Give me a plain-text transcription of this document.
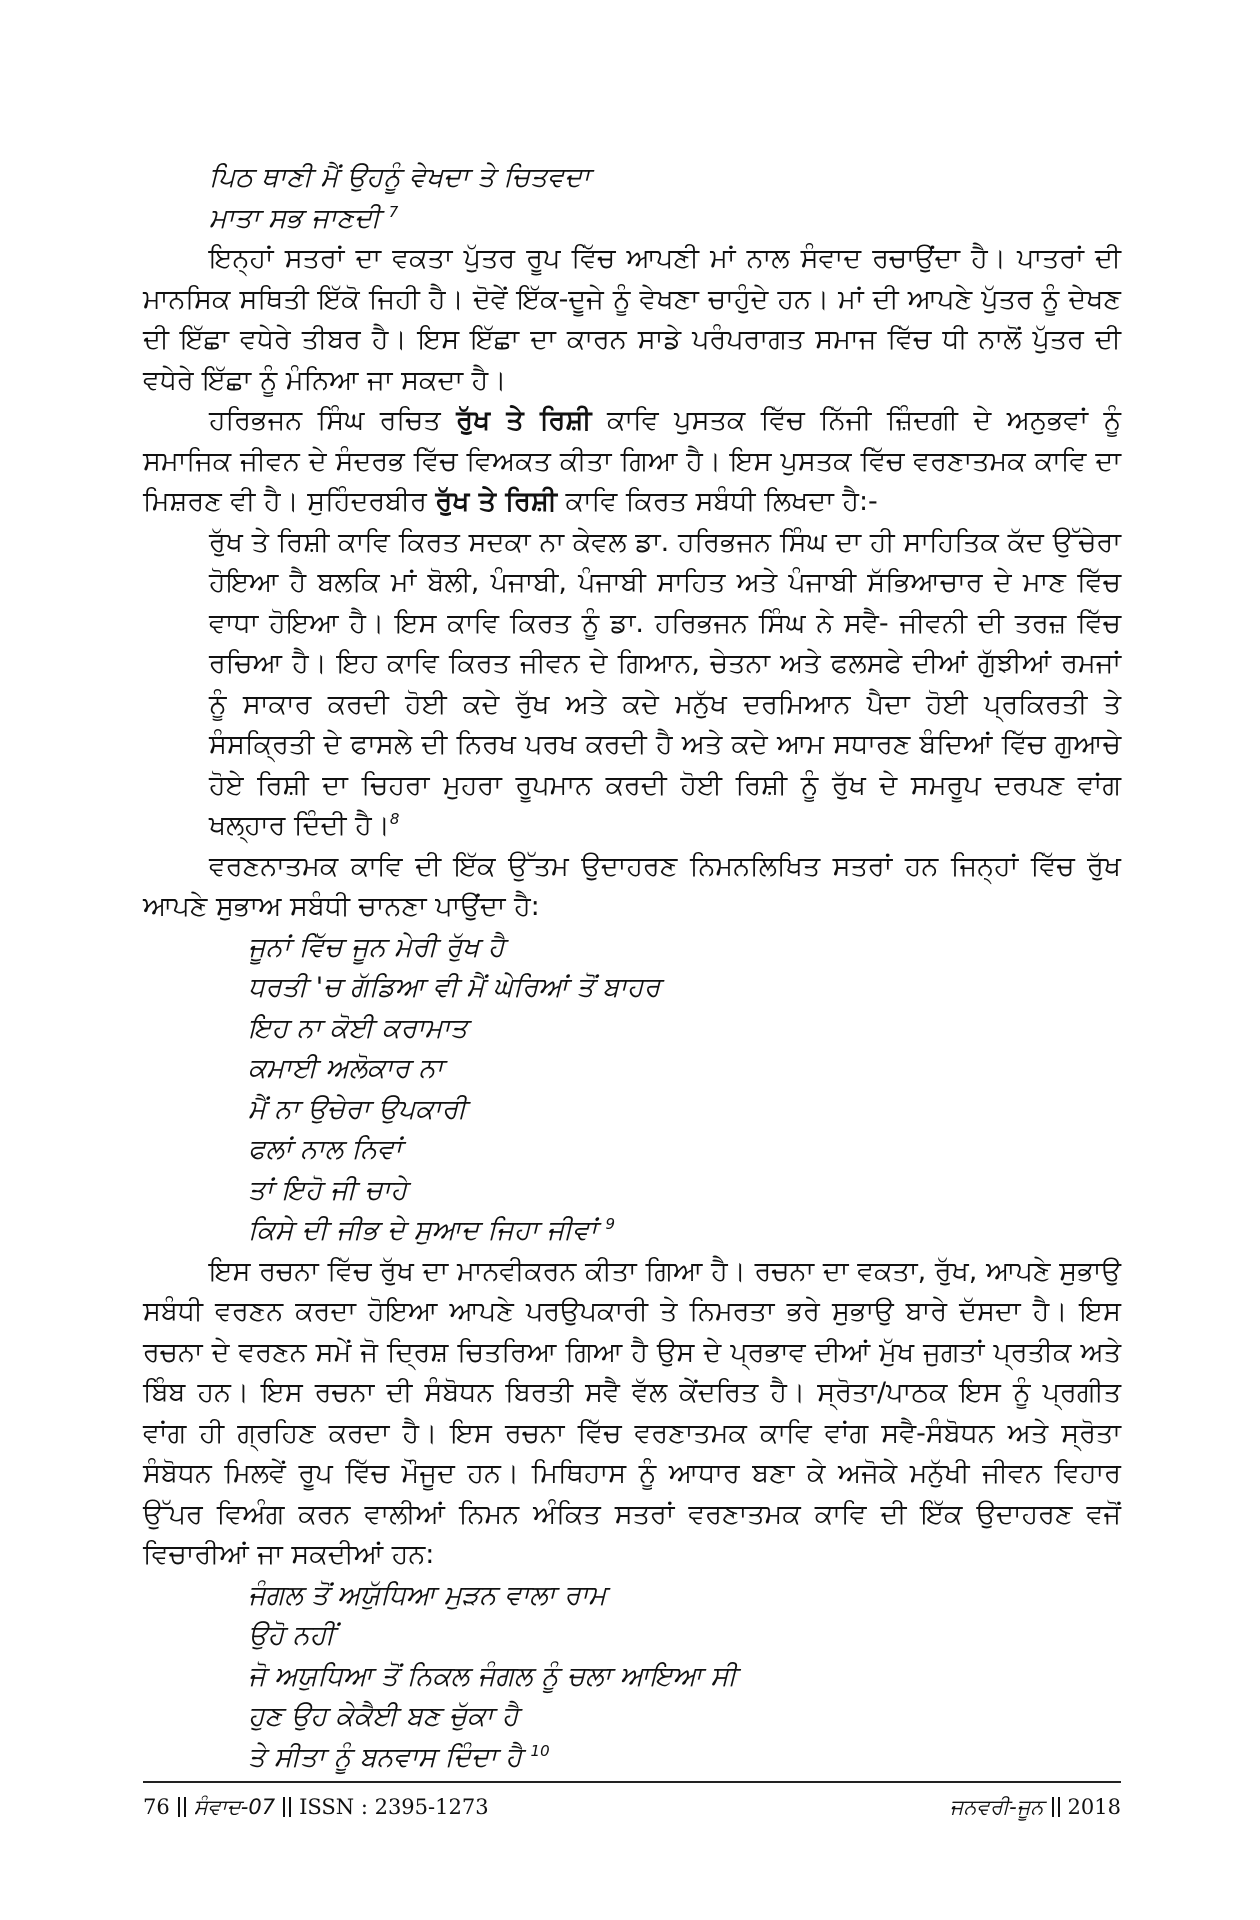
ਪਿਠ ਥਾਣੀ ਮੈਂ ਉਹਨੂੰ ਵੇਖਦਾ ਤੇ ਚਿਤਵਦਾ
ਮਾਤਾ ਸਭ ਜਾਣਦੀ $^7$

ਇਨ੍ਹਾਂ ਸਤਰਾਂ ਦਾ ਵਕਤਾ ਪੁੱਤਰ ਰੂਪ ਵਿੱਚ ਆਪਣੀ ਮਾਂ ਨਾਲ ਸੰਵਾਦ ਰਚਾਉਂਦਾ ਹੈ। ਪਾਤਰਾਂ ਦੀ ਮਾਨਸਿਕ ਸਥਿਤੀ ਇੱਕੋ ਜਿਹੀ ਹੈ। ਦੋਵੇਂ ਇੱਕ-ਦੂਜੇ ਨੂੰ ਵੇਖਣਾ ਚਾਹੁੰਦੇ ਹਨ। ਮਾਂ ਦੀ ਆਪਣੇ ਪੁੱਤਰ ਨੂੰ ਦੇਖਣ ਦੀ ਇੱਛਾ ਵਧੇਰੇ ਤੀਬਰ ਹੈ। ਇਸ ਇੱਛਾ ਦਾ ਕਾਰਨ ਸਾਡੇ ਪਰੰਪਰਾਗਤ ਸਮਾਜ ਵਿੱਚ ਧੀ ਨਾਲੋਂ ਪੁੱਤਰ ਦੀ ਵਧੇਰੇ ਇੱਛਾ ਨੂੰ ਮੰਨਿਆ ਜਾ ਸਕਦਾ ਹੈ।

ਹਰਿਭਜਨ ਸਿੰਘ ਰਚਿਤ ਰੁੱਖ ਤੇ ਰਿਸ਼ੀ ਕਾਵਿ ਪੁਸਤਕ ਵਿੱਚ ਨਿੱਜੀ ਜ਼ਿੰਦਗੀ ਦੇ ਅਨੁਭਵਾਂ ਨੂੰ ਸਮਾਜਿਕ ਜੀਵਨ ਦੇ ਸੰਦਰਭ ਵਿੱਚ ਵਿਅਕਤ ਕੀਤਾ ਗਿਆ ਹੈ। ਇਸ ਪੁਸਤਕ ਵਿੱਚ ਵਰਣਾਤਮਕ ਕਾਵਿ ਦਾ ਮਿਸ਼ਰਣ ਵੀ ਹੈ। ਸੁਹਿੰਦਰਬੀਰ ਰੁੱਖ ਤੇ ਰਿਸ਼ੀ ਕਾਵਿ ਕਿਰਤ ਸਬੰਧੀ ਲਿਖਦਾ ਹੈ:-

ਰੁੱਖ ਤੇ ਰਿਸ਼ੀ ਕਾਵਿ ਕਿਰਤ ਸਦਕਾ ਨਾ ਕੇਵਲ ਡਾ. ਹਰਿਭਜਨ ਸਿੰਘ ਦਾ ਹੀ ਸਾਹਿਤਿਕ ਕੱਦ ਉੱਚੇਰਾ ਹੋਇਆ ਹੈ ਬਲਕਿ ਮਾਂ ਬੋਲੀ, ਪੰਜਾਬੀ, ਪੰਜਾਬੀ ਸਾਹਿਤ ਅਤੇ ਪੰਜਾਬੀ ਸੱਭਿਆਚਾਰ ਦੇ ਮਾਣ ਵਿੱਚ ਵਾਧਾ ਹੋਇਆ ਹੈ। ਇਸ ਕਾਵਿ ਕਿਰਤ ਨੂੰ ਡਾ. ਹਰਿਭਜਨ ਸਿੰਘ ਨੇ ਸਵੈ- ਜੀਵਨੀ ਦੀ ਤਰਜ਼ ਵਿੱਚ ਰਚਿਆ ਹੈ। ਇਹ ਕਾਵਿ ਕਿਰਤ ਜੀਵਨ ਦੇ ਗਿਆਨ, ਚੇਤਨਾ ਅਤੇ ਫਲਸਫੇ ਦੀਆਂ ਗੁੱਝੀਆਂ ਰਮਜਾਂ ਨੂੰ ਸਾਕਾਰ ਕਰਦੀ ਹੋਈ ਕਦੇ ਰੁੱਖ ਅਤੇ ਕਦੇ ਮਨੁੱਖ ਦਰਮਿਆਨ ਪੈਦਾ ਹੋਈ ਪ੍ਰਕਿਰਤੀ ਤੇ ਸੰਸਕ੍ਰਿਤੀ ਦੇ ਫਾਸਲੇ ਦੀ ਨਿਰਖ ਪਰਖ ਕਰਦੀ ਹੈ ਅਤੇ ਕਦੇ ਆਮ ਸਧਾਰਣ ਬੰਦਿਆਂ ਵਿੱਚ ਗੁਆਚੇ ਹੋਏ ਰਿਸ਼ੀ ਦਾ ਚਿਹਰਾ ਮੁਹਰਾ ਰੂਪਮਾਨ ਕਰਦੀ ਹੋਈ ਰਿਸ਼ੀ ਨੂੰ ਰੁੱਖ ਦੇ ਸਮਰੂਪ ਦਰਪਣ ਵਾਂਗ ਖਲ੍ਹਾਰ ਦਿੰਦੀ ਹੈ।$^8$

ਵਰਣਨਾਤਮਕ ਕਾਵਿ ਦੀ ਇੱਕ ਉੱਤਮ ਉਦਾਹਰਣ ਨਿਮਨਲਿਖਿਤ ਸਤਰਾਂ ਹਨ ਜਿਨ੍ਹਾਂ ਵਿੱਚ ਰੁੱਖ ਆਪਣੇ ਸੁਭਾਅ ਸਬੰਧੀ ਚਾਨਣਾ ਪਾਉਂਦਾ ਹੈ:

ਜੂਨਾਂ ਵਿੱਚ ਜੂਨ ਮੇਰੀ ਰੁੱਖ ਹੈ
ਧਰਤੀ 'ਚ ਗੱਡਿਆ ਵੀ ਮੈਂ ਘੇਰਿਆਂ ਤੋਂ ਬਾਹਰ
ਇਹ ਨਾ ਕੋਈ ਕਰਾਮਾਤ
ਕਮਾਈ ਅਲੋਕਾਰ ਨਾ
ਮੈਂ ਨਾ ਉਚੇਰਾ ਉਪਕਾਰੀ
ਫਲਾਂ ਨਾਲ ਨਿਵਾਂ
ਤਾਂ ਇਹੋ ਜੀ ਚਾਹੇ
ਕਿਸੇ ਦੀ ਜੀਭ ਦੇ ਸੁਆਦ ਜਿਹਾ ਜੀਵਾਂ $^9$

ਇਸ ਰਚਨਾ ਵਿੱਚ ਰੁੱਖ ਦਾ ਮਾਨਵੀਕਰਨ ਕੀਤਾ ਗਿਆ ਹੈ। ਰਚਨਾ ਦਾ ਵਕਤਾ, ਰੁੱਖ, ਆਪਣੇ ਸੁਭਾਉ ਸਬੰਧੀ ਵਰਣਨ ਕਰਦਾ ਹੋਇਆ ਆਪਣੇ ਪਰਉਪਕਾਰੀ ਤੇ ਨਿਮਰਤਾ ਭਰੇ ਸੁਭਾਉ ਬਾਰੇ ਦੱਸਦਾ ਹੈ। ਇਸ ਰਚਨਾ ਦੇ ਵਰਣਨ ਸਮੇਂ ਜੋ ਦ੍ਰਿਸ਼ ਚਿਤਰਿਆ ਗਿਆ ਹੈ ਉਸ ਦੇ ਪ੍ਰਭਾਵ ਦੀਆਂ ਮੁੱਖ ਜੁਗਤਾਂ ਪ੍ਰਤੀਕ ਅਤੇ ਬਿੰਬ ਹਨ। ਇਸ ਰਚਨਾ ਦੀ ਸੰਬੋਧਨ ਬਿਰਤੀ ਸਵੈ ਵੱਲ ਕੇਂਦਰਿਤ ਹੈ। ਸ੍ਰੋਤਾ/ਪਾਠਕ ਇਸ ਨੂੰ ਪ੍ਰਗੀਤ ਵਾਂਗ ਹੀ ਗ੍ਰਹਿਣ ਕਰਦਾ ਹੈ। ਇਸ ਰਚਨਾ ਵਿੱਚ ਵਰਣਾਤਮਕ ਕਾਵਿ ਵਾਂਗ ਸਵੈ-ਸੰਬੋਧਨ ਅਤੇ ਸ੍ਰੋਤਾ ਸੰਬੋਧਨ ਮਿਲਵੇਂ ਰੂਪ ਵਿੱਚ ਮੌਜੂਦ ਹਨ। ਮਿਥਿਹਾਸ ਨੂੰ ਆਧਾਰ ਬਣਾ ਕੇ ਅਜੋਕੇ ਮਨੁੱਖੀ ਜੀਵਨ ਵਿਹਾਰ ਉੱਪਰ ਵਿਅੰਗ ਕਰਨ ਵਾਲੀਆਂ ਨਿਮਨ ਅੰਕਿਤ ਸਤਰਾਂ ਵਰਣਾਤਮਕ ਕਾਵਿ ਦੀ ਇੱਕ ਉਦਾਹਰਣ ਵਜੋਂ ਵਿਚਾਰੀਆਂ ਜਾ ਸਕਦੀਆਂ ਹਨ:

ਜੰਗਲ ਤੋਂ ਅਯੁੱਧਿਆ ਮੁੜਨ ਵਾਲਾ ਰਾਮ
ਉਹੋ ਨਹੀਂ
ਜੋ ਅਯੁਧਿਆ ਤੋਂ ਨਿਕਲ ਜੰਗਲ ਨੂੰ ਚਲਾ ਆਇਆ ਸੀ
ਹੁਣ ਉਹ ਕੇਕੈਈ ਬਣ ਚੁੱਕਾ ਹੈ
ਤੇ ਸੀਤਾ ਨੂੰ ਬਨਵਾਸ ਦਿੰਦਾ ਹੈ $^{10}$
76 ਸੰਵਾਦ-07 ISSN : 2395-1273	ਜਨਵਰੀ-ਜੂਨ 2018
